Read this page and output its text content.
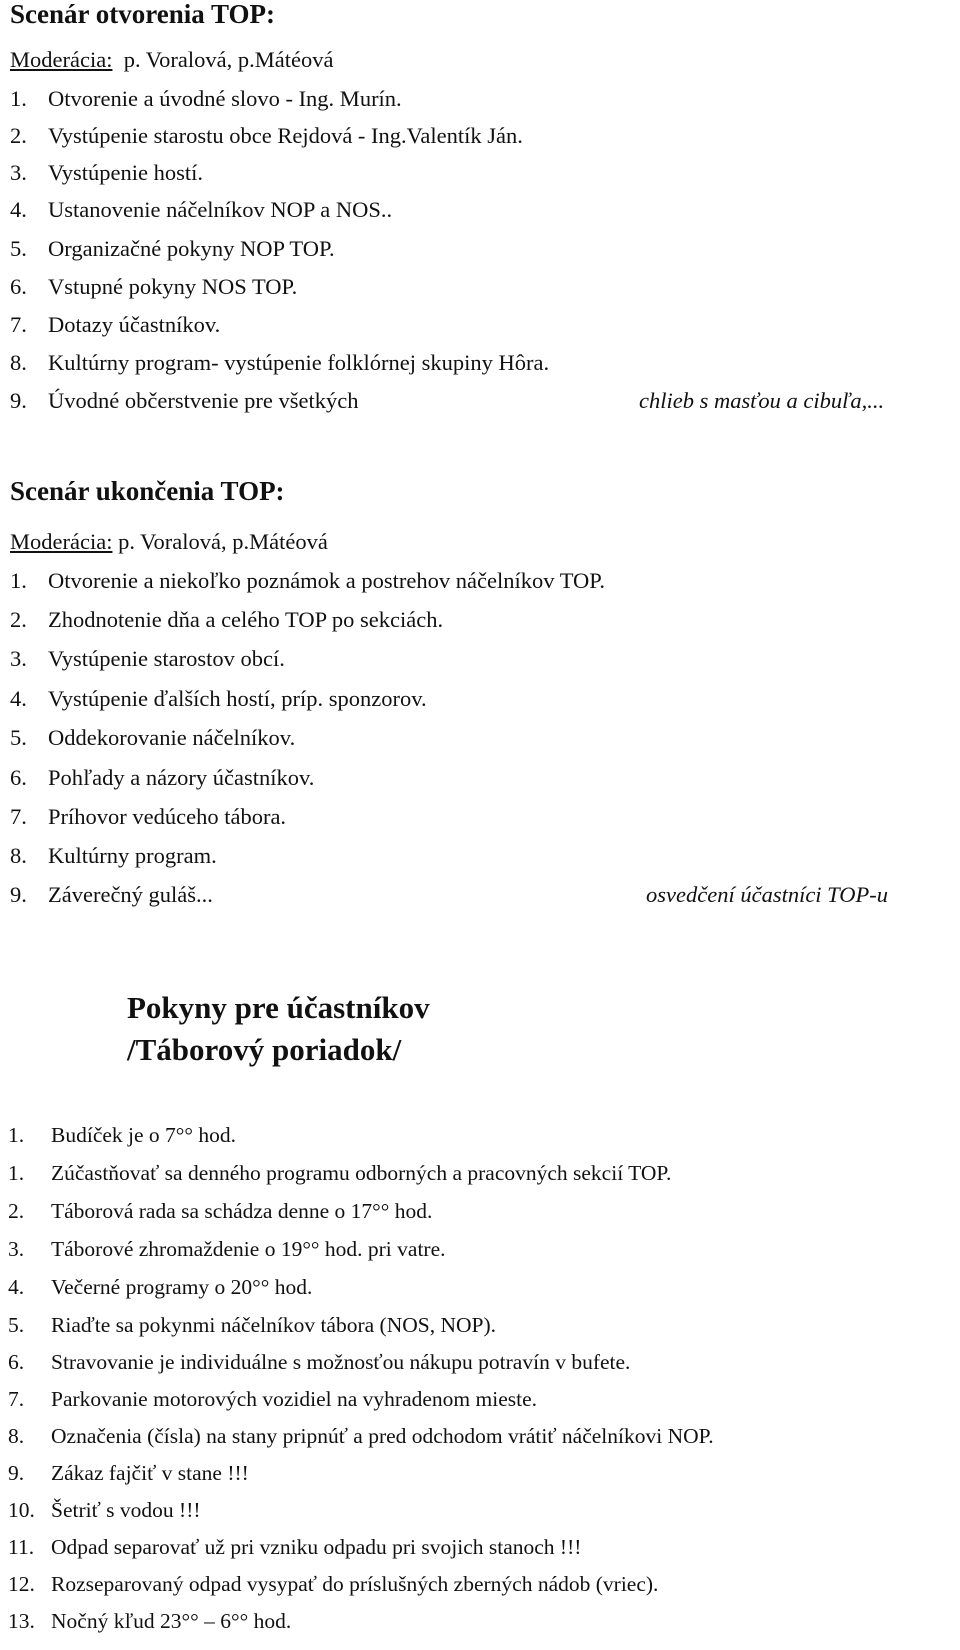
Scenár otvorenia TOP:
Moderácia: p. Voralová, p.Mátéová
1. Otvorenie a úvodné slovo - Ing. Murín.
2. Vystúpenie starostu obce Rejdová - Ing.Valentík Ján.
3. Vystúpenie hostí.
4. Ustanovenie náčelníkov NOP a NOS..
5. Organizačné pokyny NOP TOP.
6. Vstupné pokyny NOS TOP.
7. Dotazy účastníkov.
8. Kultúrny program- vystúpenie folklórnej skupiny Hôra.
9. Úvodné občerstvenie pre všetkých	chlieb s masťou a cibuľa,...
Scenár ukončenia TOP:
Moderácia: p. Voralová, p.Mátéová
1. Otvorenie a niekoľko poznámok a postrehov náčelníkov TOP.
2. Zhodnotenie dňa a celého TOP po sekciách.
3. Vystúpenie starostov obcí.
4. Vystúpenie ďalších hostí, príp. sponzorov.
5. Oddekorovanie náčelníkov.
6. Pohľady a názory účastníkov.
7. Príhovor vedúceho tábora.
8. Kultúrny program.
9. Záverečný guláš...	osvedčení účastníci TOP-u
Pokyny pre účastníkov
/Táborový poriadok/
1. Budíček je o 7°° hod.
1. Zúčastňovať sa denného programu odborných a pracovných sekcií TOP.
2. Táborová rada sa schádza denne o 17°° hod.
3. Táborové zhromaždenie o 19°° hod. pri vatre.
4. Večerné programy o 20°° hod.
5. Riaďte sa pokynmi náčelníkov tábora (NOS, NOP).
6. Stravovanie je individuálne s možnosťou nákupu potravín v bufete.
7. Parkovanie motorových vozidiel na vyhradenom mieste.
8. Označenia (čísla) na stany pripnúť a pred odchodom vrátiť náčelníkovi NOP.
9. Zákaz fajčiť v stane !!!
10. Šetriť s vodou !!!
11. Odpad separovať už pri vzniku odpadu pri svojich stanoch !!!
12. Rozseparovaný odpad vysypať do príslušných zberných nádob (vriec).
13. Nočný kľud 23°° – 6°° hod.
